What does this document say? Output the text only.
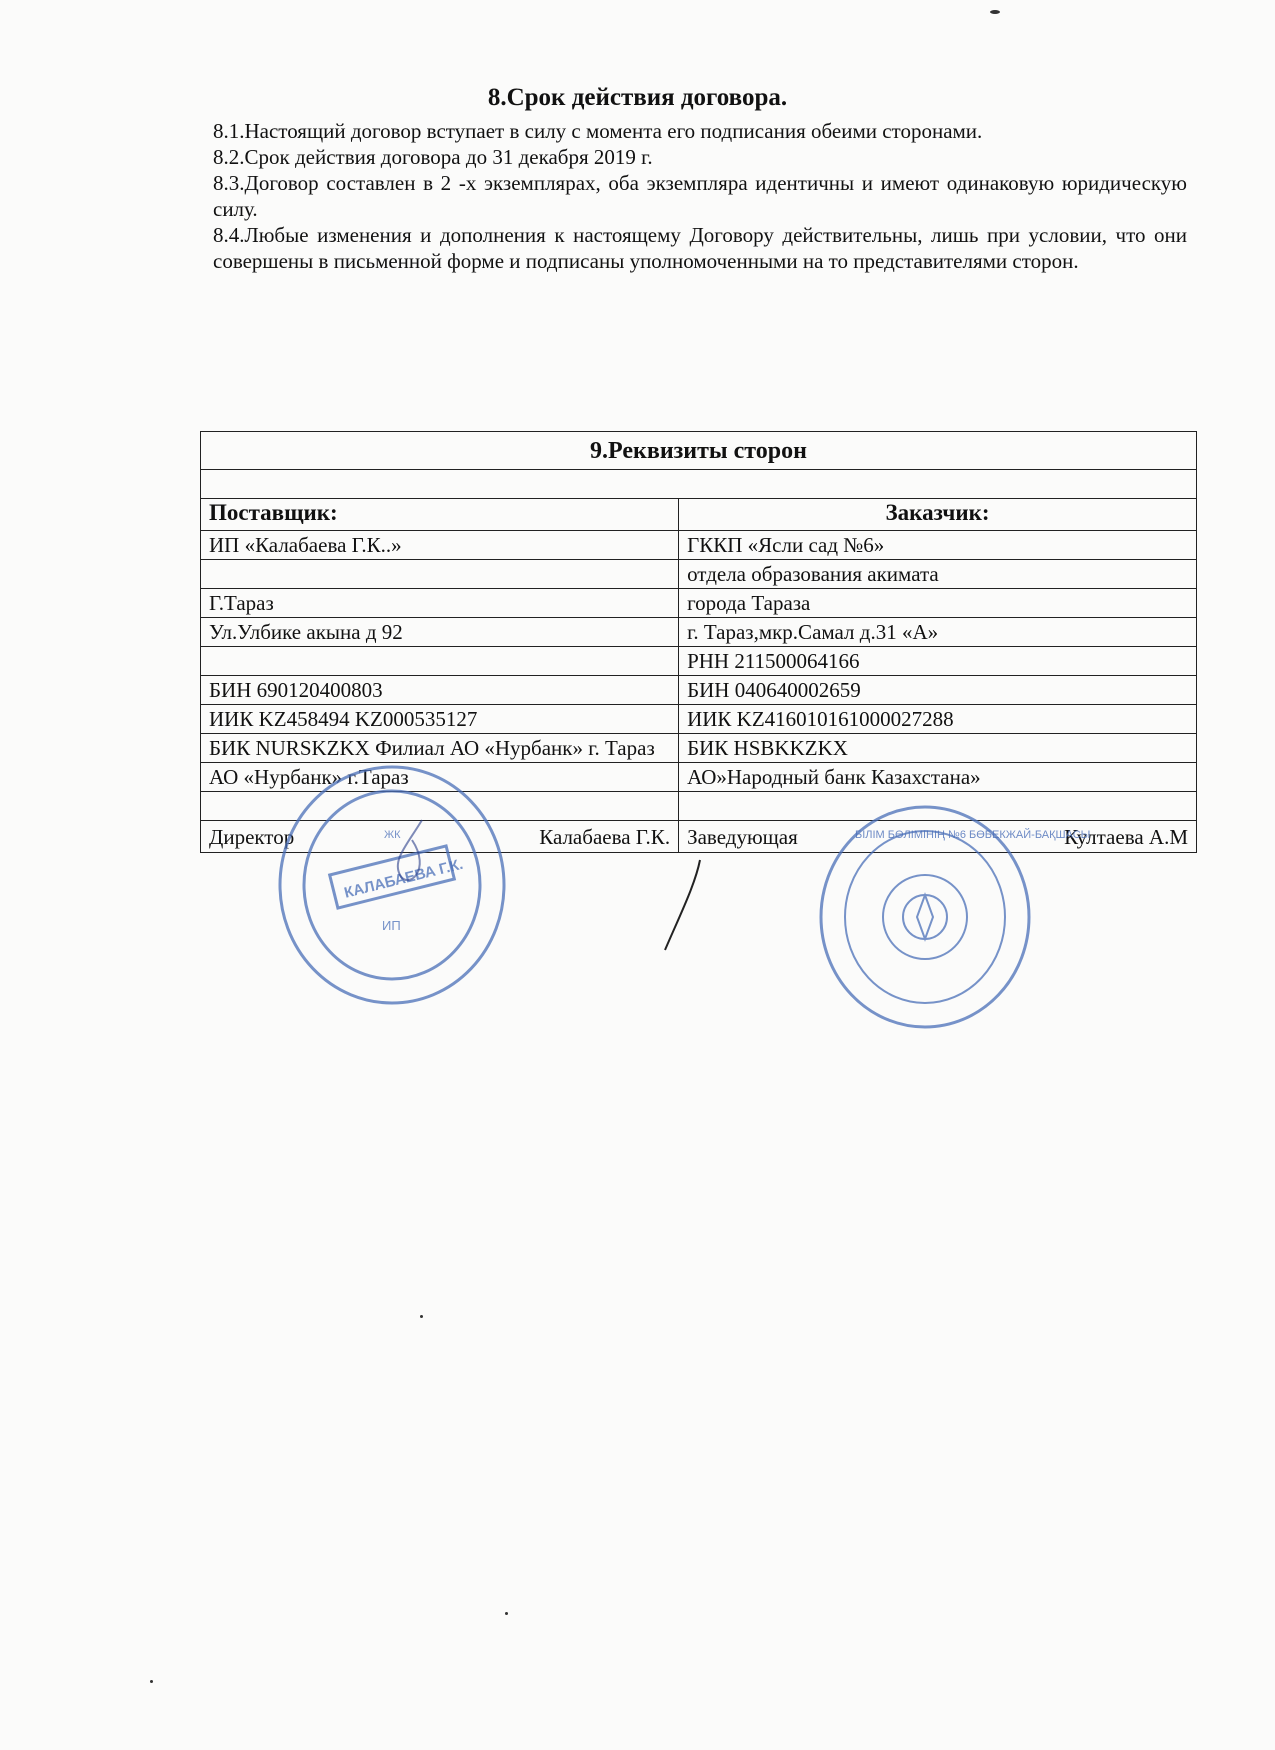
8.Срок действия договора.

8.1.Настоящий договор вступает в силу с момента его подписания обеими сторонами.

8.2.Срок действия договора до 31 декабря 2019 г.

8.3.Договор составлен в 2 -х экземплярах, оба экземпляра идентичны и имеют одинаковую юридическую силу.

8.4.Любые изменения и дополнения к настоящему Договору действительны, лишь при условии, что они совершены в письменной форме и подписаны уполномоченными на то представителями сторон.

9.Реквизиты сторон	

Поставщик:	Заказчик:
ИП «Калабаева Г.К..»	ГККП «Ясли сад №6»
	отдела образования акимата
Г.Тараз	города Тараза
Ул.Улбике акына д 92	г. Тараз,мкр.Самал д.31 «А»
	РНН 211500064166
БИН 690120400803	БИН 040640002659
ИИК KZ458494 KZ000535127	ИИК KZ416010161000027288
БИК NURSKZKX Филиал АО «Нурбанк» г. Тараз	БИК HSBKKZKX
АО «Нурбанк» г.Тараз	АО»Народный банк Казахстана»

Директор Калабаева Г.К.	Заведующая Култаева А.М
КАЛАБАЕВА Г.К.
ИП
ЖК	БІЛІМ БӨЛІМІНІҢ №6 БӨБЕКЖАЙ-БАҚШАСЫ
